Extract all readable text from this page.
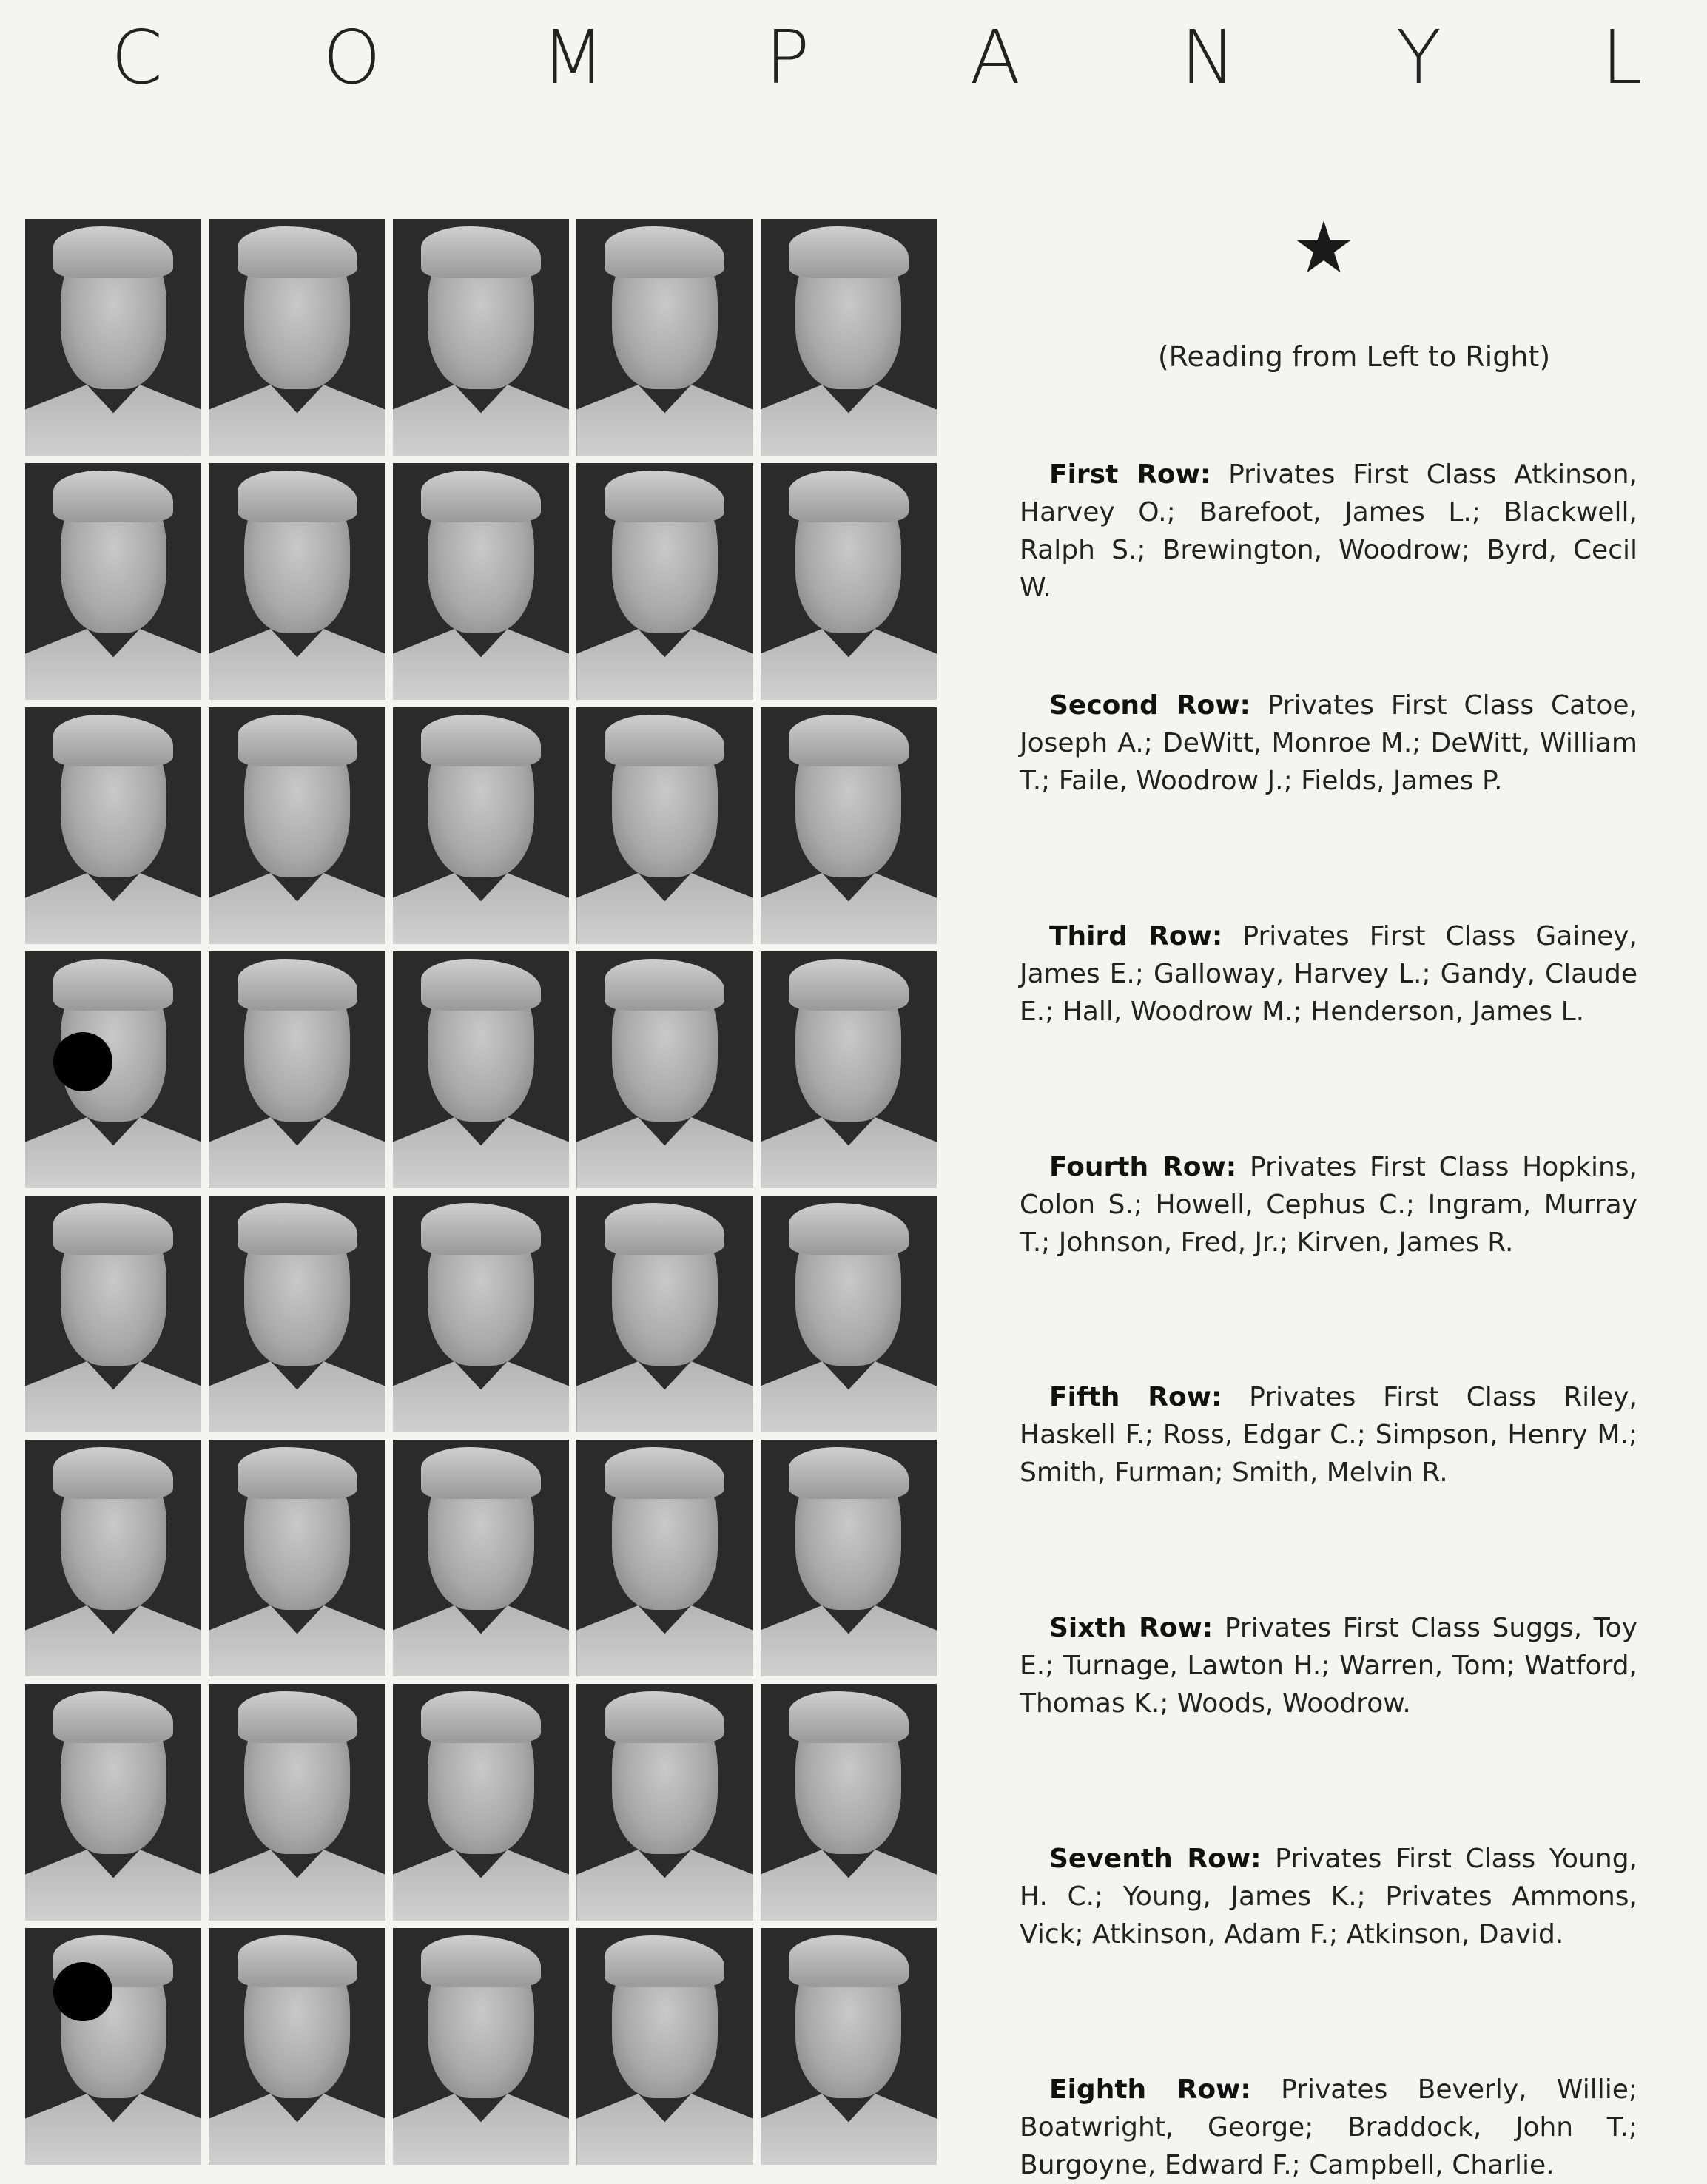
C O M P A N Y L
(Reading from Left to Right)

First Row: Privates First Class Atkinson, Harvey O.; Barefoot, James L.; Blackwell, Ralph S.; Brewington, Woodrow; Byrd, Cecil W.

Second Row: Privates First Class Catoe, Joseph A.; DeWitt, Monroe M.; DeWitt, William T.; Faile, Woodrow J.; Fields, James P.

Third Row: Privates First Class Gainey, James E.; Galloway, Harvey L.; Gandy, Claude E.; Hall, Woodrow M.; Henderson, James L.

Fourth Row: Privates First Class Hopkins, Colon S.; Howell, Cephus C.; Ingram, Murray T.; Johnson, Fred, Jr.; Kirven, James R.

Fifth Row: Privates First Class Riley, Haskell F.; Ross, Edgar C.; Simpson, Henry M.; Smith, Furman; Smith, Melvin R.

Sixth Row: Privates First Class Suggs, Toy E.; Turnage, Lawton H.; Warren, Tom; Watford, Thomas K.; Woods, Woodrow.

Seventh Row: Privates First Class Young, H. C.; Young, James K.; Privates Ammons, Vick; Atkinson, Adam F.; Atkinson, David.

Eighth Row: Privates Beverly, Willie; Boatwright, George; Braddock, John T.; Burgoyne, Edward F.; Campbell, Charlie.
